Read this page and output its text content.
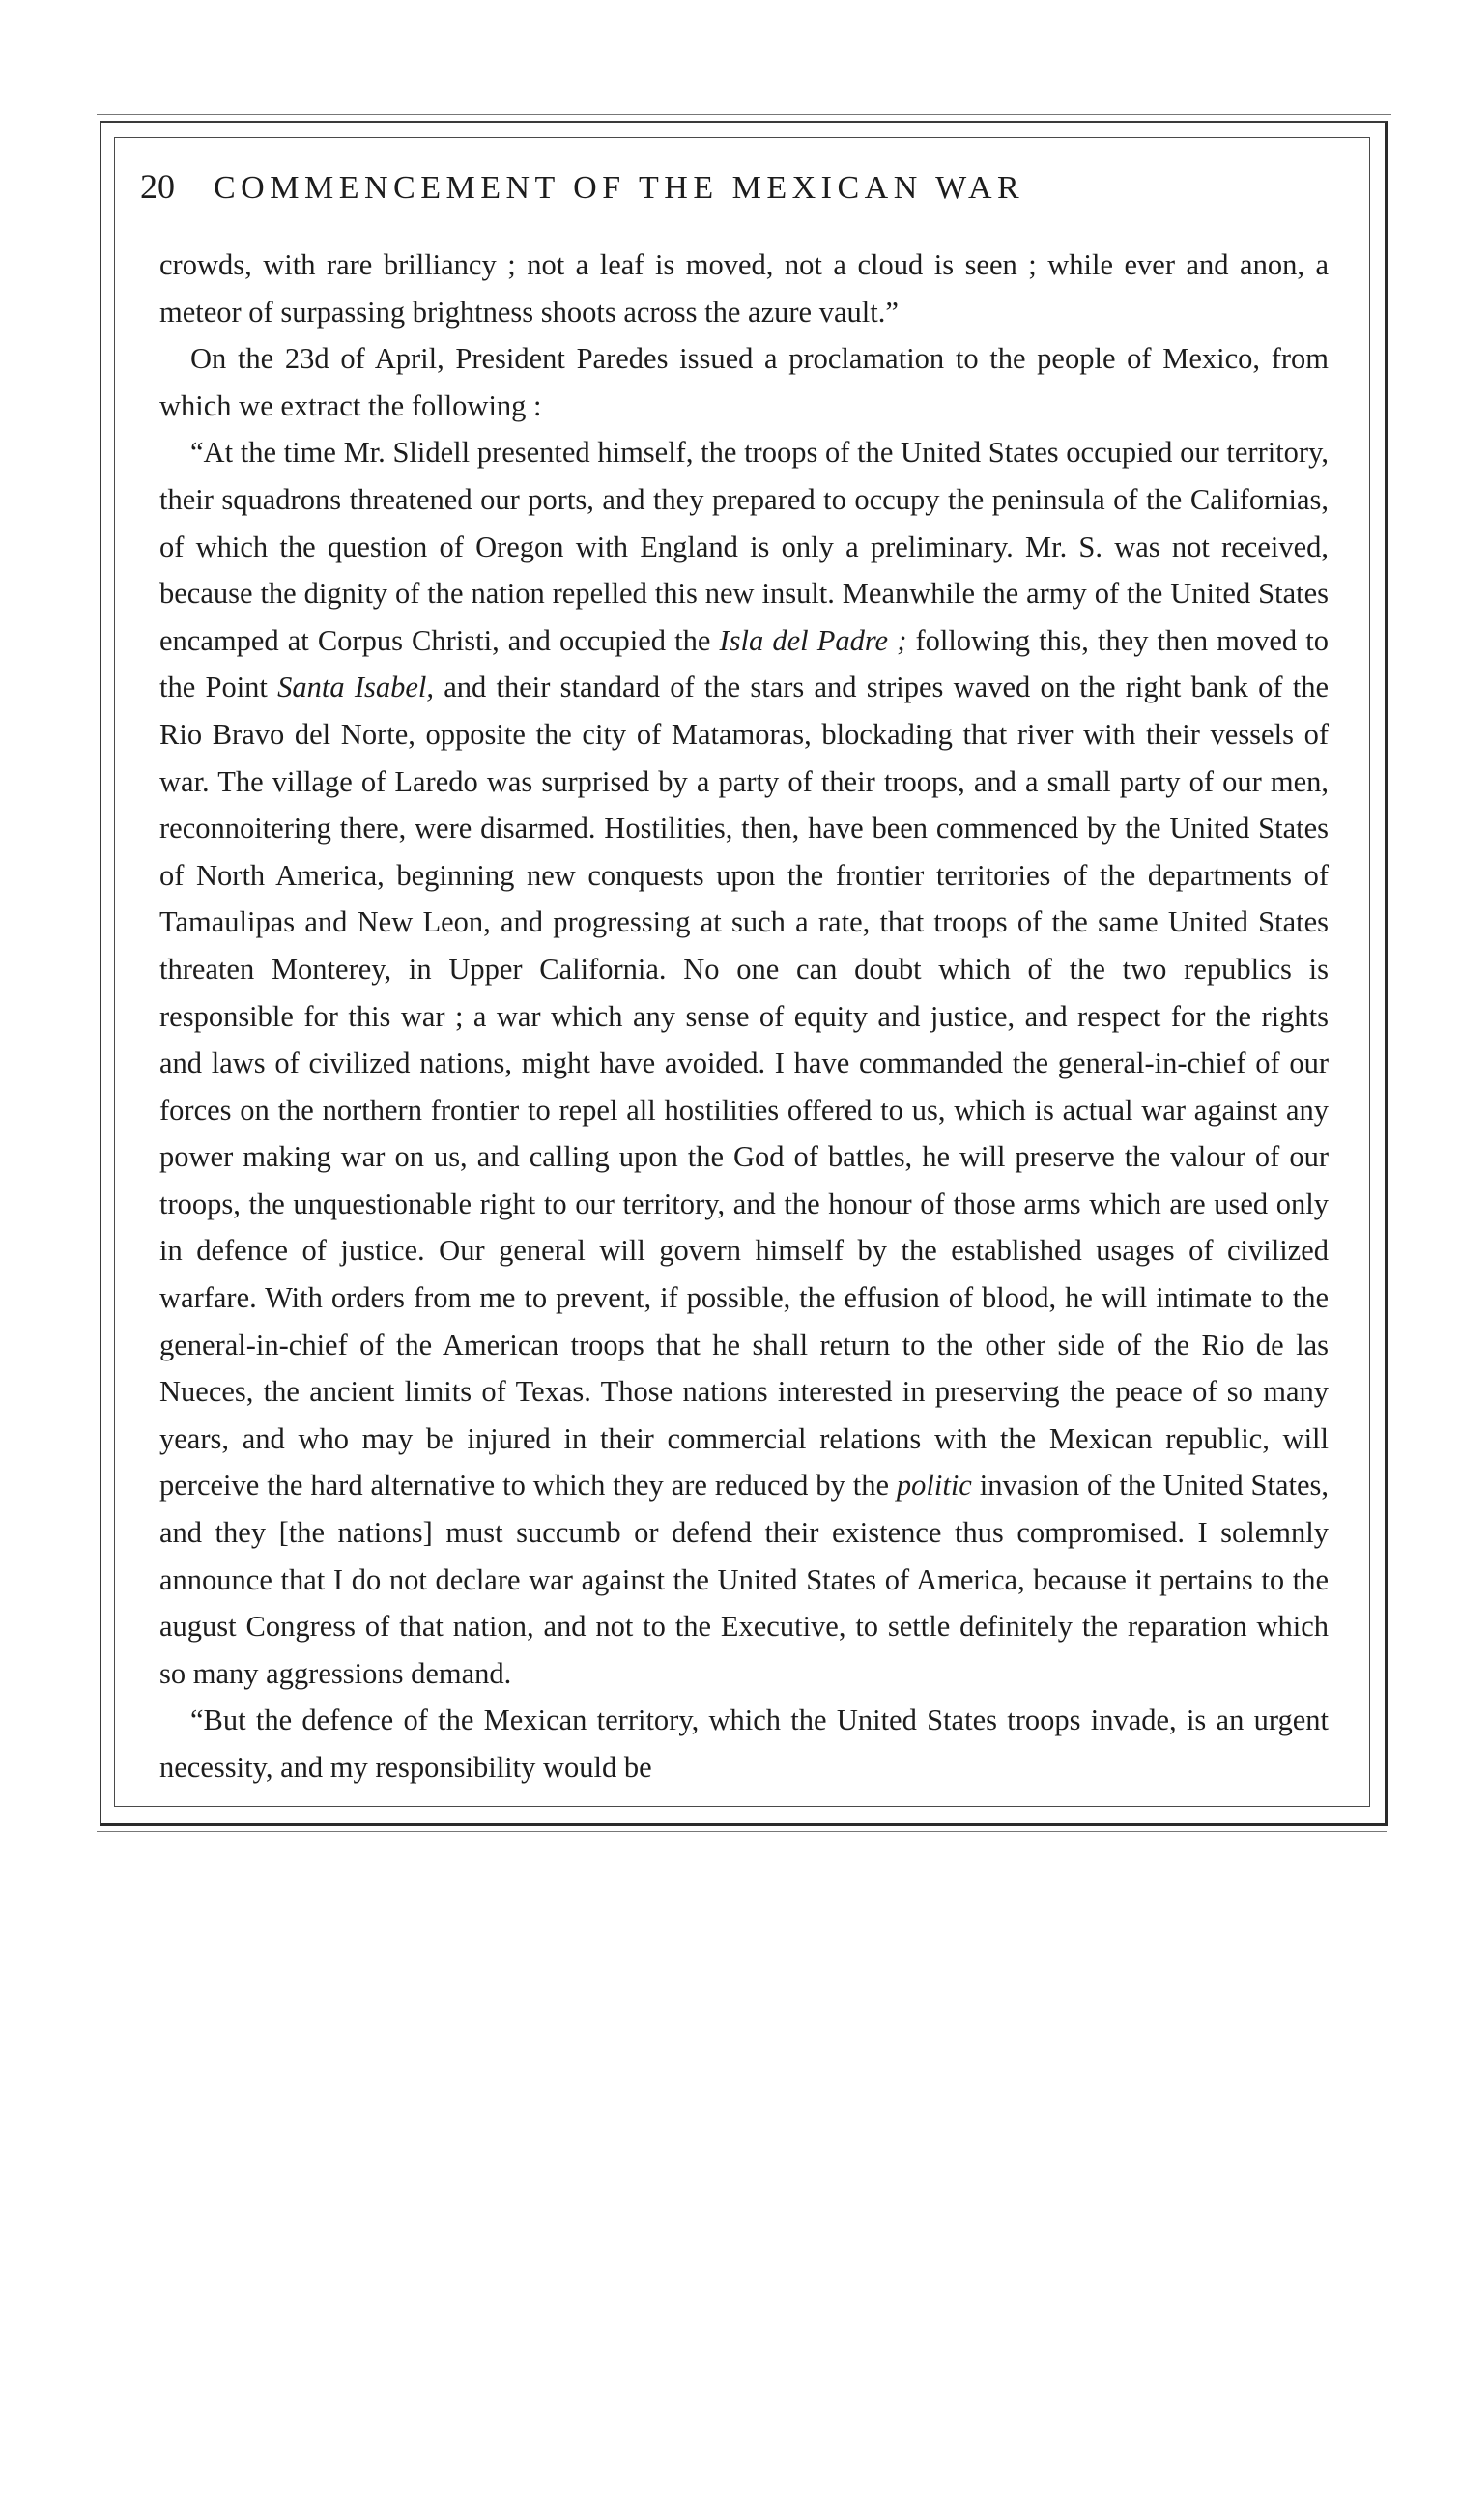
20 COMMENCEMENT OF THE MEXICAN WAR

crowds, with rare brilliancy ; not a leaf is moved, not a cloud is seen ; while ever and anon, a meteor of surpassing brightness shoots across the azure vault.”

On the 23d of April, President Paredes issued a proclamation to the people of Mexico, from which we extract the following :

“At the time Mr. Slidell presented himself, the troops of the United States occupied our territory, their squadrons threatened our ports, and they prepared to occupy the peninsula of the Californias, of which the question of Oregon with England is only a preliminary. Mr. S. was not received, because the dignity of the nation repelled this new insult. Meanwhile the army of the United States encamped at Corpus Christi, and occupied the Isla del Padre ; following this, they then moved to the Point Santa Isabel, and their standard of the stars and stripes waved on the right bank of the Rio Bravo del Norte, opposite the city of Matamoras, blockading that river with their vessels of war. The village of Laredo was surprised by a party of their troops, and a small party of our men, reconnoitering there, were disarmed. Hostilities, then, have been commenced by the United States of North America, beginning new conquests upon the frontier territories of the departments of Tamaulipas and New Leon, and progressing at such a rate, that troops of the same United States threaten Monterey, in Upper California. No one can doubt which of the two republics is responsible for this war ; a war which any sense of equity and justice, and respect for the rights and laws of civilized nations, might have avoided. I have commanded the general-in-chief of our forces on the northern frontier to repel all hostilities offered to us, which is actual war against any power making war on us, and calling upon the God of battles, he will preserve the valour of our troops, the unquestionable right to our territory, and the honour of those arms which are used only in defence of justice. Our general will govern himself by the established usages of civilized warfare. With orders from me to prevent, if possible, the effusion of blood, he will intimate to the general-in-chief of the American troops that he shall return to the other side of the Rio de las Nueces, the ancient limits of Texas. Those nations interested in preserving the peace of so many years, and who may be injured in their commercial relations with the Mexican republic, will perceive the hard alternative to which they are reduced by the politic invasion of the United States, and they [the nations] must succumb or defend their existence thus compromised. I solemnly announce that I do not declare war against the United States of America, because it pertains to the august Congress of that nation, and not to the Executive, to settle definitely the reparation which so many aggressions demand.

“But the defence of the Mexican territory, which the United States troops invade, is an urgent necessity, and my responsibility would be
